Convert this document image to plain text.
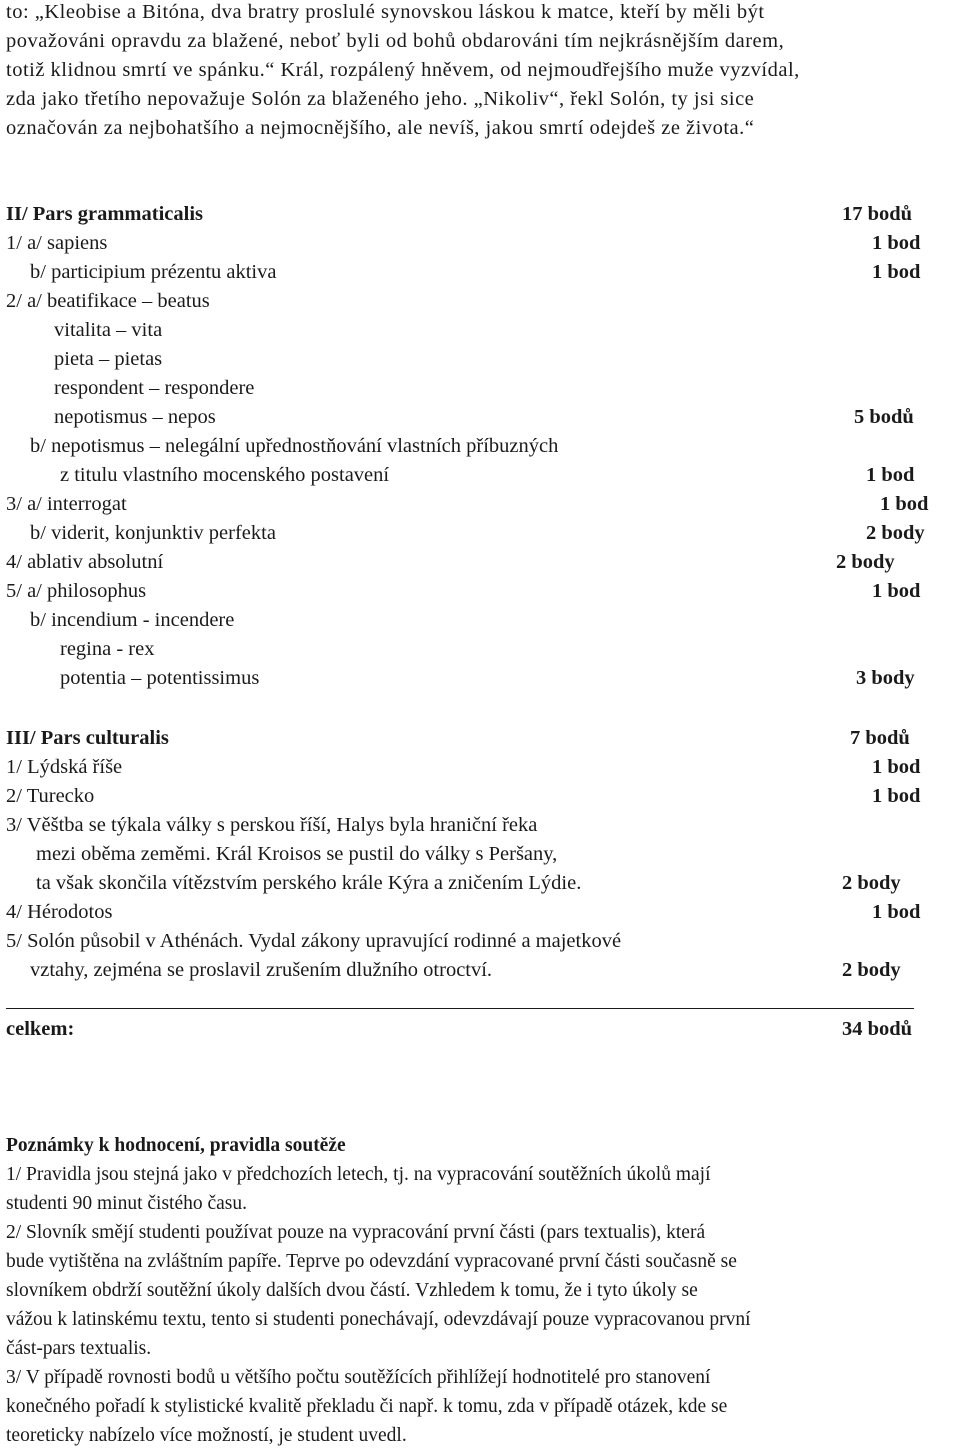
to: „Kleobise a Bitóna, dva bratry proslulé synovskou láskou k matce, kteří by měli být
považováni opravdu za blažené, neboť byli od bohů obdarováni tím nejkrásnějším darem,
totiž klidnou smrtí ve spánku.“ Král, rozpálený hněvem, od nejmoudřejšího muže vyzvídal,
zda jako třetího nepovažuje Solón za blaženého jeho. „Nikoliv“, řekl Solón, ty jsi sice
označován za nejbohatšího a nejmocnějšího, ale nevíš, jakou smrtí odejdeš ze života.“
II/ Pars grammaticalis	17 bodů
1/ a/ sapiens	1 bod
b/ participium prézentu aktiva	1 bod
2/ a/ beatifikace – beatus
vitalita – vita
pieta – pietas
respondent – respondere
nepotismus – nepos	5 bodů
b/ nepotismus – nelegální upřednostňování vlastních příbuzných
z titulu vlastního mocenského postavení	1 bod
3/ a/ interrogat	1 bod
b/ viderit, konjunktiv perfekta	2 body
4/ ablativ absolutní	2 body
5/ a/ philosophus	1 bod
b/ incendium - incendere
regina - rex
potentia – potentissimus	3 body
III/ Pars culturalis	7 bodů
1/ Lýdská říše	1 bod
2/ Turecko	1 bod
3/ Věštba se týkala války s perskou říší, Halys byla hraniční řeka
mezi oběma zeměmi. Král Kroisos se pustil do války s Peršany,
ta však skončila vítězstvím perského krále Kýra a zničením Lýdie.	2 body
4/ Hérodotos	1 bod
5/ Solón působil v Athénách. Vydal zákony upravující rodinné a majetkové
vztahy, zejména se proslavil zrušením dlužního otroctví.	2 body
celkem:	34 bodů
Poznámky k hodnocení, pravidla soutěže
1/ Pravidla jsou stejná jako v předchozích letech, tj. na vypracování soutěžních úkolů mají
studenti 90 minut čistého času.
2/ Slovník smějí studenti používat pouze na vypracování první části (pars textualis), která
bude vytištěna na zvláštním papíře. Teprve po odevzdání vypracované první části současně se
slovníkem obdrží soutěžní úkoly dalších dvou částí. Vzhledem k tomu, že i tyto úkoly se
vážou k latinskému textu, tento si studenti ponechávají, odevzdávají pouze vypracovanou první
část-pars textualis.
3/ V případě rovnosti bodů u většího počtu soutěžících přihlížejí hodnotitelé pro stanovení
konečného pořadí k stylistické kvalitě překladu či např. k tomu, zda v případě otázek, kde se
teoreticky nabízelo více možností, je student uvedl.
